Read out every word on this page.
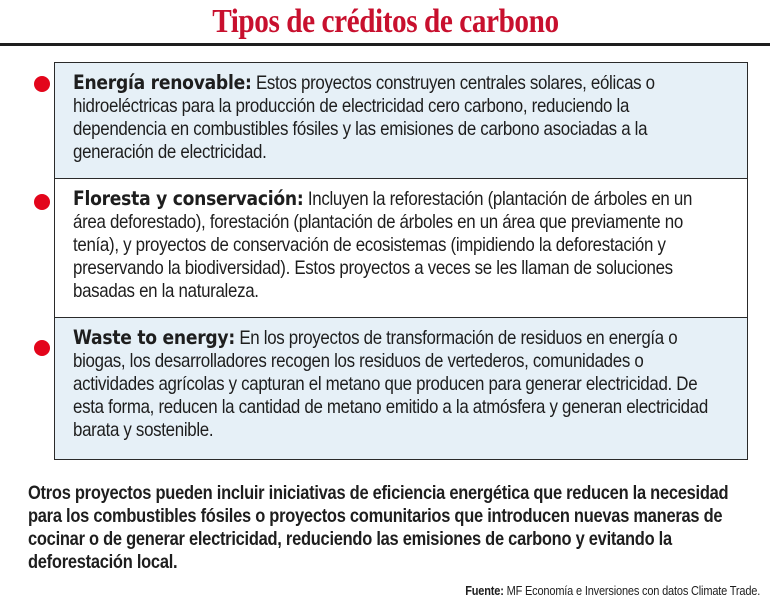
Tipos de créditos de carbono
Energía renovable: Estos proyectos construyen centrales solares, eólicas o hidroeléctricas para la producción de electricidad cero carbono, reduciendo la dependencia en combustibles fósiles y las emisiones de carbono asociadas a la generación de electricidad.
Floresta y conservación: Incluyen la reforestación (plantación de árboles en un área deforestado), forestación (plantación de árboles en un área que previamente no tenía), y proyectos de conservación de ecosistemas (impidiendo la deforestación y preservando la biodiversidad). Estos proyectos a veces se les llaman de soluciones basadas en la naturaleza.
Waste to energy: En los proyectos de transformación de residuos en energía o biogas, los desarrolladores recogen los residuos de vertederos, comunidades o actividades agrícolas y capturan el metano que producen para generar electricidad. De esta forma, reducen la cantidad de metano emitido a la atmósfera y generan electricidad barata y sostenible.
Otros proyectos pueden incluir iniciativas de eficiencia energética que reducen la necesidad para los combustibles fósiles o proyectos comunitarios que introducen nuevas maneras de cocinar o de generar electricidad, reduciendo las emisiones de carbono y evitando la deforestación local.
Fuente: MF Economía e Inversiones con datos Climate Trade.
